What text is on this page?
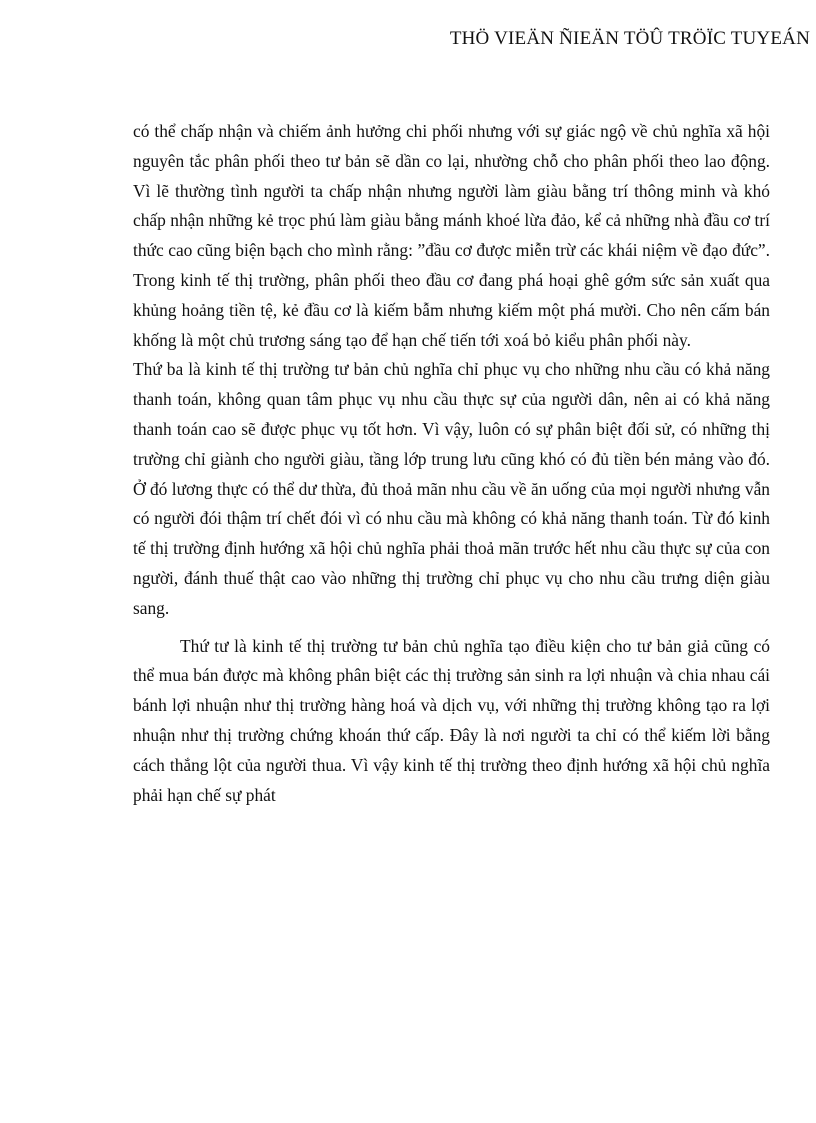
THÖ VIEÄN ÑIEÄN TÖÛ TRÖÏC TUYEÁN

có thể chấp nhận và chiếm ảnh hưởng chi phối nhưng với sự giác ngộ về chủ nghĩa xã hội nguyên tắc phân phối theo tư bản sẽ dần co lại, nhường chỗ cho phân phối theo lao động. Vì lẽ thường tình người ta chấp nhận nhưng người làm giàu bằng trí thông minh và khó chấp nhận những kẻ trọc phú làm giàu bằng mánh khoé lừa đảo, kể cả những nhà đầu cơ trí thức cao cũng biện bạch cho mình rằng: ”đầu cơ được miễn trừ các khái niệm về đạo đức”. Trong kinh tế thị trường, phân phối theo đầu cơ đang phá hoại ghê gớm sức sản xuất qua khủng hoảng tiền tệ, kẻ đầu cơ là kiếm bẫm nhưng kiếm một phá mười. Cho nên cấm bán khống là một chủ trương sáng tạo để hạn chế tiến tới xoá bỏ kiểu phân phối này.

Thứ ba là kinh tế thị trường tư bản chủ nghĩa chỉ phục vụ cho những nhu cầu có khả năng thanh toán, không quan tâm phục vụ nhu cầu thực sự của người dân, nên ai có khả năng thanh toán cao sẽ được phục vụ tốt hơn. Vì vậy, luôn có sự phân biệt đối sử, có những thị trường chỉ giành cho người giàu, tầng lớp trung lưu cũng khó có đủ tiền bén mảng vào đó. Ở đó lương thực có thể dư thừa, đủ thoả mãn nhu cầu về ăn uống của mọi người nhưng vẫn có người đói thậm trí chết đói vì có nhu cầu mà không có khả năng thanh toán. Từ đó kinh tế thị trường định hướng xã hội chủ nghĩa phải thoả mãn trước hết nhu cầu thực sự của con người, đánh thuế thật cao vào những thị trường chỉ phục vụ cho nhu cầu trưng diện giàu sang.

Thứ tư là kinh tế thị trường tư bản chủ nghĩa tạo điều kiện cho tư bản giả cũng có thể mua bán được mà không phân biệt các thị trường sản sinh ra lợi nhuận và chia nhau cái bánh lợi nhuận như thị trường hàng hoá và dịch vụ, với những thị trường không tạo ra lợi nhuận như thị trường chứng khoán thứ cấp. Đây là nơi người ta chỉ có thể kiếm lời bằng cách thắng lột của người thua. Vì vậy kinh tế thị trường theo định hướng xã hội chủ nghĩa phải hạn chế sự phát
